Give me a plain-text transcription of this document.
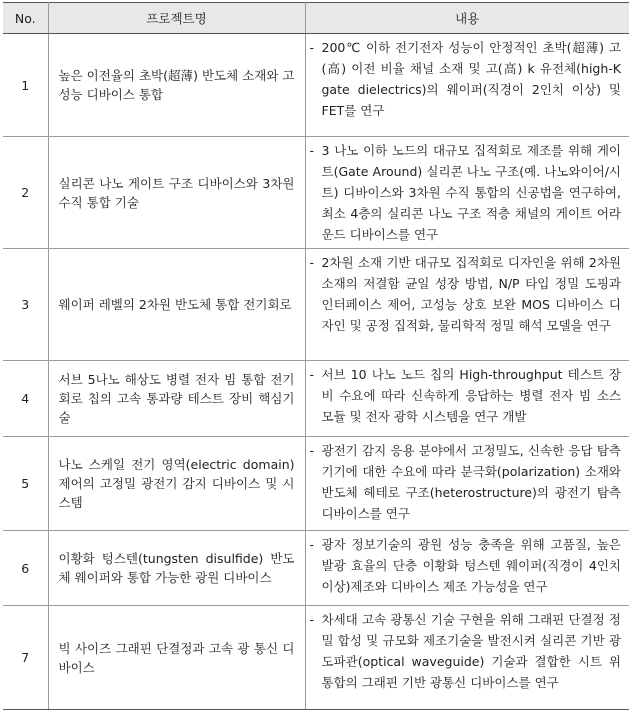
No.	프로젝트명	내용
1	높은 이전율의 초박(超薄) 반도체 소재와 고성능 디바이스 통합	- 200℃ 이하 전기전자 성능이 안정적인 초박(超薄) 고(高) 이전 비율 채널 소재 및 고(高) k 유전체(high-K gate dielectrics)의 웨이퍼(직경이 2인치 이상) 및 FET를 연구

2	실리콘 나노 게이트 구조 디바이스와 3차원 수직 통합 기술	- 3 나노 이하 노드의 대규모 집적회로 제조를 위해 게이트(Gate Around) 실리콘 나노 구조(예. 나노와이어/시트) 디바이스와 3차원 수직 통합의 신공법을 연구하여, 최소 4층의 실리콘 나노 구조 적층 채널의 게이트 어라운드 디바이스를 연구

3	웨이퍼 레벨의 2차원 반도체 통합 전기회로	- 2차원 소재 기반 대규모 집적회로 디자인을 위해 2차원 소재의 저결함 균일 성장 방법, N/P 타입 정밀 도핑과 인터페이스 제어, 고성능 상호 보완 MOS 디바이스 디자인 및 공정 집적화, 물리학적 정밀 해석 모델을 연구

4	서브 5나노 해상도 병렬 전자 빔 통합 전기회로 칩의 고속 통과량 테스트 장비 핵심기술	- 서브 10 나노 노드 칩의 High-throughput 테스트 장비 수요에 따라 신속하게 응답하는 병렬 전자 빔 소스 모듈 및 전자 광학 시스템을 연구 개발

5	나노 스케일 전기 영역(electric domain) 제어의 고정밀 광전기 감지 디바이스 및 시스템	- 광전기 감지 응용 분야에서 고정밀도, 신속한 응답 탐측기기에 대한 수요에 따라 분극화(polarization) 소재와 반도체 헤테로 구조(heterostructure)의 광전기 탐측 디바이스를 연구

6	이황화 텅스텐(tungsten disulfide) 반도체 웨이퍼와 통합 가능한 광원 디바이스	- 광자 정보기술의 광원 성능 충족을 위해 고품질, 높은 발광 효율의 단층 이황화 텅스텐 웨이퍼(직경이 4인치 이상)제조와 디바이스 제조 가능성을 연구

7	빅 사이즈 그래핀 단결정과 고속 광 통신 디바이스	- 차세대 고속 광통신 기술 구현을 위해 그래핀 단결정 정밀 합성 및 규모화 제조기술을 발전시켜 실리콘 기반 광 도파관(optical waveguide) 기술과 결합한 시트 위 통합의 그래핀 기반 광통신 디바이스를 연구
